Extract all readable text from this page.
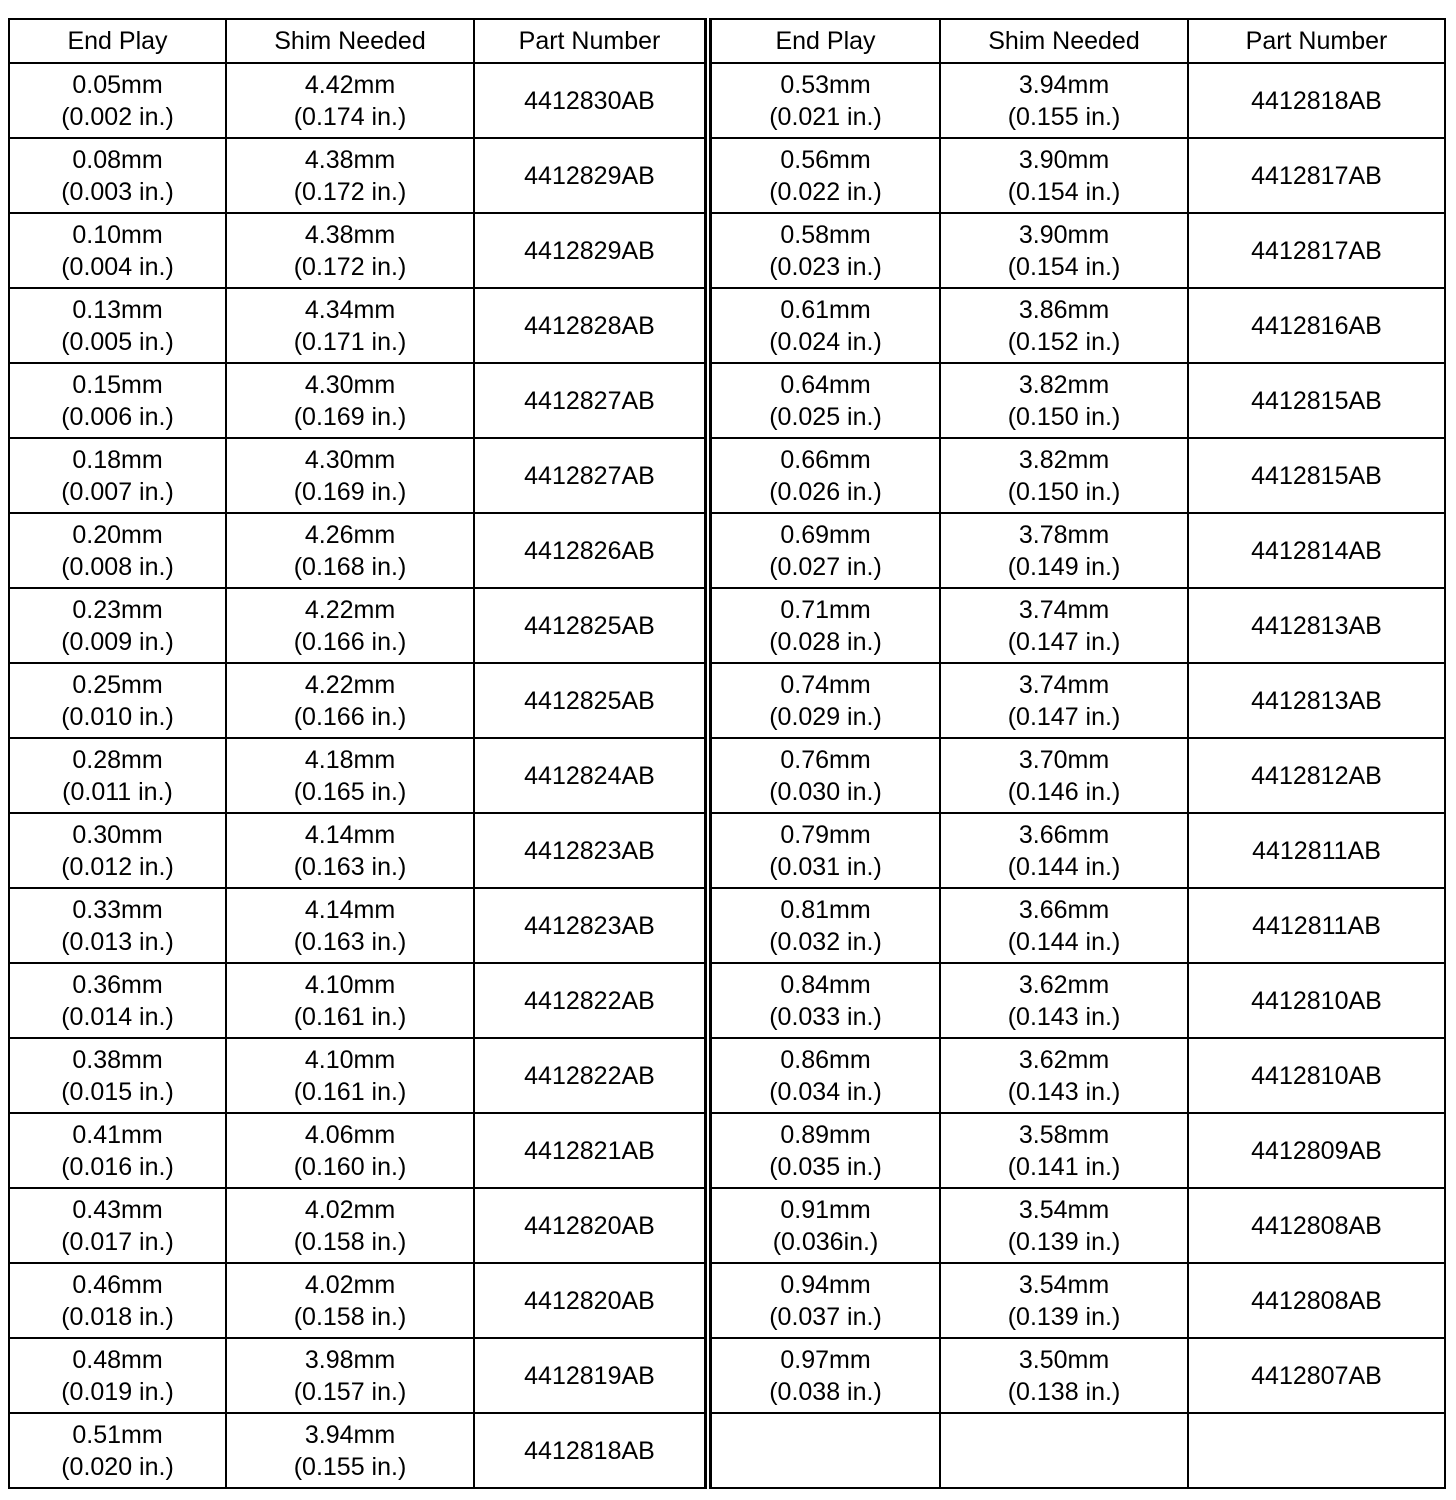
End Play	Shim Needed	Part Number	End Play	Shim Needed	Part Number

0.05mm
(0.002 in.)	4.42mm
(0.174 in.)	4412830AB	0.53mm
(0.021 in.)	3.94mm
(0.155 in.)	4412818AB

0.08mm
(0.003 in.)	4.38mm
(0.172 in.)	4412829AB	0.56mm
(0.022 in.)	3.90mm
(0.154 in.)	4412817AB

0.10mm
(0.004 in.)	4.38mm
(0.172 in.)	4412829AB	0.58mm
(0.023 in.)	3.90mm
(0.154 in.)	4412817AB

0.13mm
(0.005 in.)	4.34mm
(0.171 in.)	4412828AB	0.61mm
(0.024 in.)	3.86mm
(0.152 in.)	4412816AB

0.15mm
(0.006 in.)	4.30mm
(0.169 in.)	4412827AB	0.64mm
(0.025 in.)	3.82mm
(0.150 in.)	4412815AB

0.18mm
(0.007 in.)	4.30mm
(0.169 in.)	4412827AB	0.66mm
(0.026 in.)	3.82mm
(0.150 in.)	4412815AB

0.20mm
(0.008 in.)	4.26mm
(0.168 in.)	4412826AB	0.69mm
(0.027 in.)	3.78mm
(0.149 in.)	4412814AB

0.23mm
(0.009 in.)	4.22mm
(0.166 in.)	4412825AB	0.71mm
(0.028 in.)	3.74mm
(0.147 in.)	4412813AB

0.25mm
(0.010 in.)	4.22mm
(0.166 in.)	4412825AB	0.74mm
(0.029 in.)	3.74mm
(0.147 in.)	4412813AB

0.28mm
(0.011 in.)	4.18mm
(0.165 in.)	4412824AB	0.76mm
(0.030 in.)	3.70mm
(0.146 in.)	4412812AB

0.30mm
(0.012 in.)	4.14mm
(0.163 in.)	4412823AB	0.79mm
(0.031 in.)	3.66mm
(0.144 in.)	4412811AB

0.33mm
(0.013 in.)	4.14mm
(0.163 in.)	4412823AB	0.81mm
(0.032 in.)	3.66mm
(0.144 in.)	4412811AB

0.36mm
(0.014 in.)	4.10mm
(0.161 in.)	4412822AB	0.84mm
(0.033 in.)	3.62mm
(0.143 in.)	4412810AB

0.38mm
(0.015 in.)	4.10mm
(0.161 in.)	4412822AB	0.86mm
(0.034 in.)	3.62mm
(0.143 in.)	4412810AB

0.41mm
(0.016 in.)	4.06mm
(0.160 in.)	4412821AB	0.89mm
(0.035 in.)	3.58mm
(0.141 in.)	4412809AB

0.43mm
(0.017 in.)	4.02mm
(0.158 in.)	4412820AB	0.91mm
(0.036in.)	3.54mm
(0.139 in.)	4412808AB

0.46mm
(0.018 in.)	4.02mm
(0.158 in.)	4412820AB	0.94mm
(0.037 in.)	3.54mm
(0.139 in.)	4412808AB

0.48mm
(0.019 in.)	3.98mm
(0.157 in.)	4412819AB	0.97mm
(0.038 in.)	3.50mm
(0.138 in.)	4412807AB

0.51mm
(0.020 in.)	3.94mm
(0.155 in.)	4412818AB			
